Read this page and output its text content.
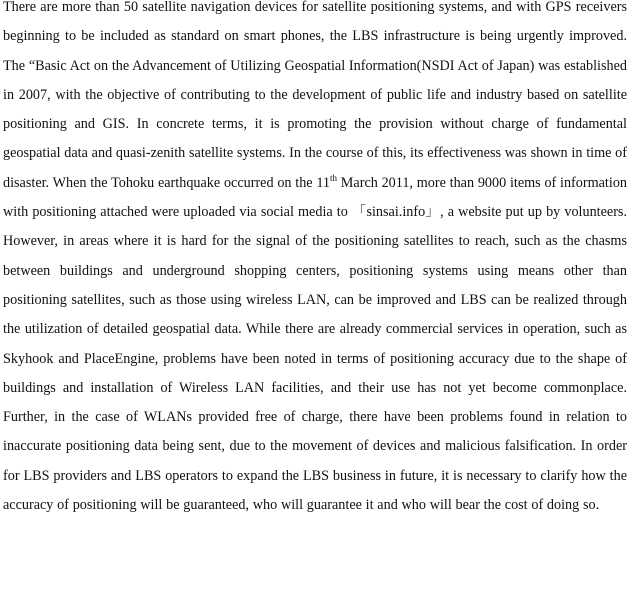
There are more than 50 satellite navigation devices for satellite positioning systems, and with GPS receivers beginning to be included as standard on smart phones, the LBS infrastructure is being urgently improved. The “Basic Act on the Advancement of Utilizing Geospatial Information(NSDI Act of Japan) was established in 2007, with the objective of contributing to the development of public life and industry based on satellite positioning and GIS. In concrete terms, it is promoting the provision without charge of fundamental geospatial data and quasi-zenith satellite systems. In the course of this, its effectiveness was shown in time of disaster. When the Tohoku earthquake occurred on the 11th March 2011, more than 9000 items of information with positioning attached were uploaded via social media to 「sinsai.info」, a website put up by volunteers. However, in areas where it is hard for the signal of the positioning satellites to reach, such as the chasms between buildings and underground shopping centers, positioning systems using means other than positioning satellites, such as those using wireless LAN, can be improved and LBS can be realized through the utilization of detailed geospatial data. While there are already commercial services in operation, such as Skyhook and PlaceEngine, problems have been noted in terms of positioning accuracy due to the shape of buildings and installation of Wireless LAN facilities, and their use has not yet become commonplace. Further, in the case of WLANs provided free of charge, there have been problems found in relation to inaccurate positioning data being sent, due to the movement of devices and malicious falsification. In order for LBS providers and LBS operators to expand the LBS business in future, it is necessary to clarify how the accuracy of positioning will be guaranteed, who will guarantee it and who will bear the cost of doing so.
